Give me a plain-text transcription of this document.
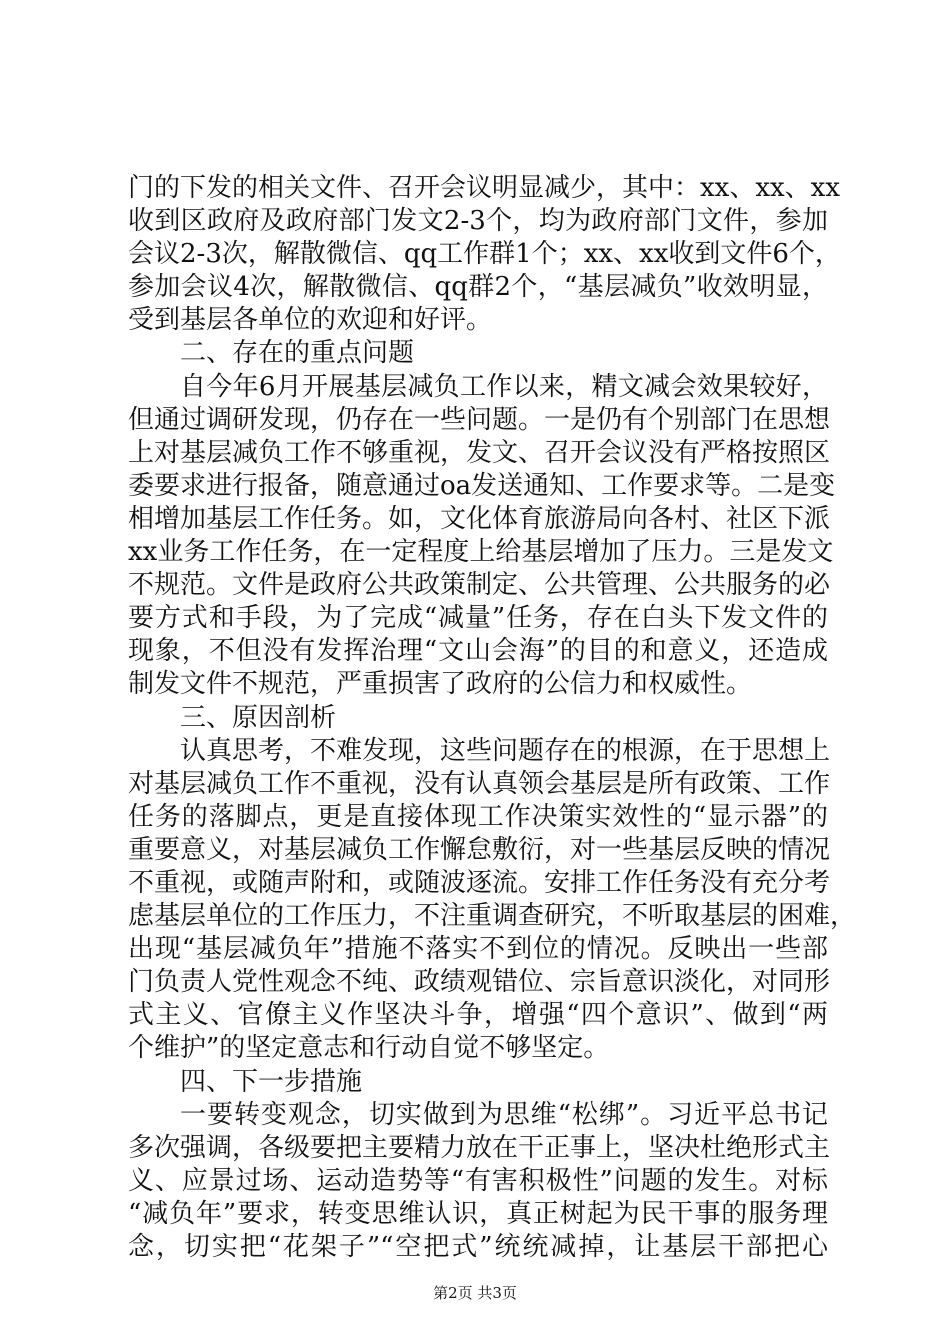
门的下发的相关文件、召开会议明显减少，其中：xx、xx、xx
收到区政府及政府部门发文2-3个，均为政府部门文件，参加
会议2-3次，解散微信、qq工作群1个；xx、xx收到文件6个，
参加会议4次，解散微信、qq群2个，“基层减负”收效明显，
受到基层各单位的欢迎和好评。
二、存在的重点问题
自今年6月开展基层减负工作以来，精文减会效果较好，
但通过调研发现，仍存在一些问题。一是仍有个别部门在思想
上对基层减负工作不够重视，发文、召开会议没有严格按照区
委要求进行报备，随意通过oa发送通知、工作要求等。二是变
相增加基层工作任务。如，文化体育旅游局向各村、社区下派
xx业务工作任务，在一定程度上给基层增加了压力。三是发文
不规范。文件是政府公共政策制定、公共管理、公共服务的必
要方式和手段，为了完成“减量”任务，存在白头下发文件的
现象，不但没有发挥治理“文山会海”的目的和意义，还造成
制发文件不规范，严重损害了政府的公信力和权威性。
三、原因剖析
认真思考，不难发现，这些问题存在的根源，在于思想上
对基层减负工作不重视，没有认真领会基层是所有政策、工作
任务的落脚点，更是直接体现工作决策实效性的“显示器”的
重要意义，对基层减负工作懈怠敷衍，对一些基层反映的情况
不重视，或随声附和，或随波逐流。安排工作任务没有充分考
虑基层单位的工作压力，不注重调查研究，不听取基层的困难，
出现“基层减负年”措施不落实不到位的情况。反映出一些部
门负责人党性观念不纯、政绩观错位、宗旨意识淡化，对同形
式主义、官僚主义作坚决斗争，增强“四个意识”、做到“两
个维护”的坚定意志和行动自觉不够坚定。
四、下一步措施
一要转变观念，切实做到为思维“松绑”。习近平总书记
多次强调，各级要把主要精力放在干正事上，坚决杜绝形式主
义、应景过场、运动造势等“有害积极性”问题的发生。对标
“减负年”要求，转变思维认识，真正树起为民干事的服务理
念，切实把“花架子”“空把式”统统减掉，让基层干部把心
第2页 共3页
